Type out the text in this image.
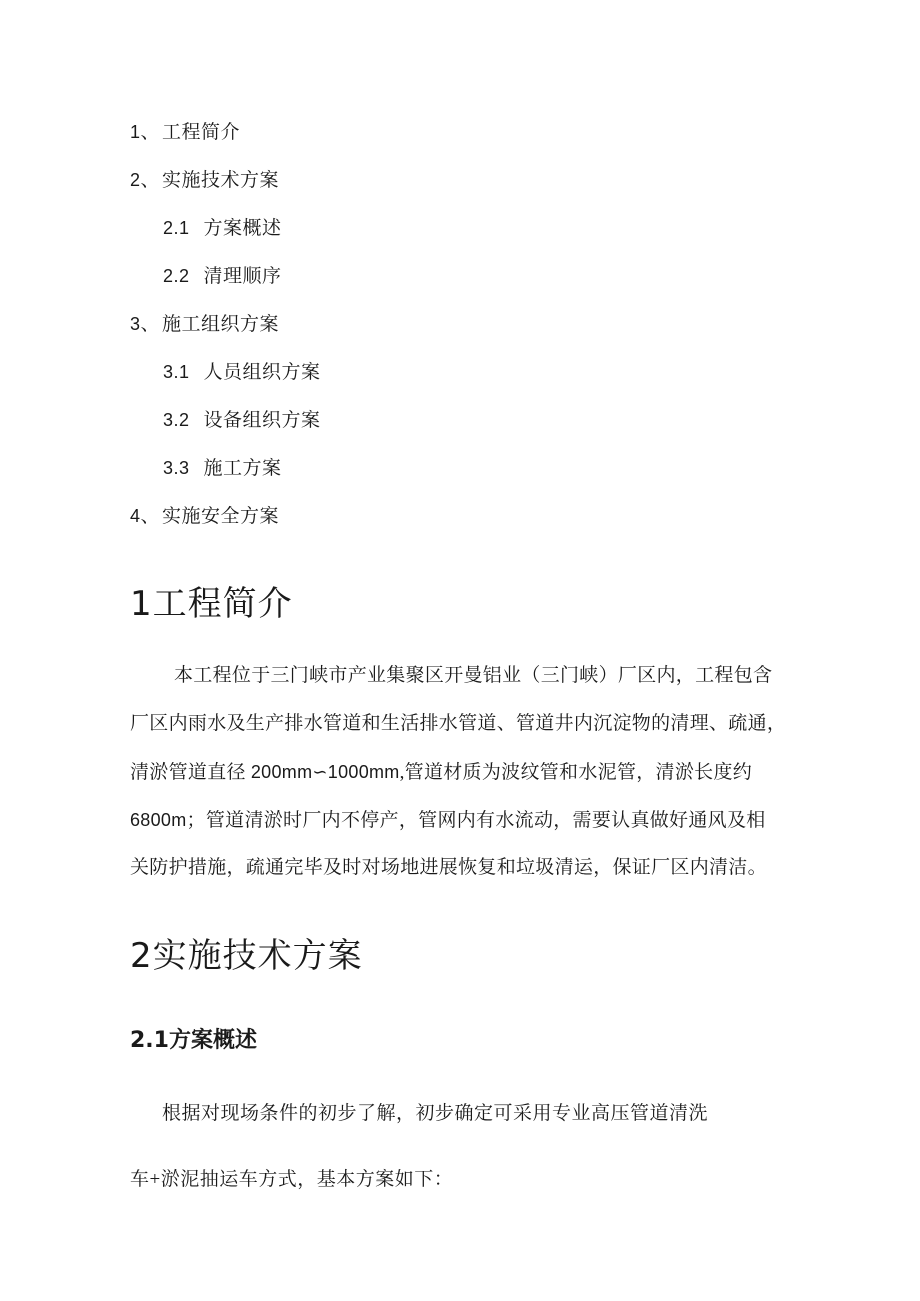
1、 工程简介
2、 实施技术方案
2.1 方案概述
2.2 清理顺序
3、 施工组织方案
3.1 人员组织方案
3.2 设备组织方案
3.3 施工方案
4、 实施安全方案
1工程简介
本工程位于三门峡市产业集聚区开曼铝业（三门峡）厂区内，工程包含
厂区内雨水及生产排水管道和生活排水管道、管道井内沉淀物的清理、疏通，
清淤管道直径 200mm∽1000mm,管道材质为波纹管和水泥管，清淤长度约
6800m；管道清淤时厂内不停产，管网内有水流动，需要认真做好通风及相
关防护措施，疏通完毕及时对场地进展恢复和垃圾清运，保证厂区内清洁。
2实施技术方案
2.1方案概述
根据对现场条件的初步了解，初步确定可采用专业高压管道清洗
车+淤泥抽运车方式，基本方案如下：
